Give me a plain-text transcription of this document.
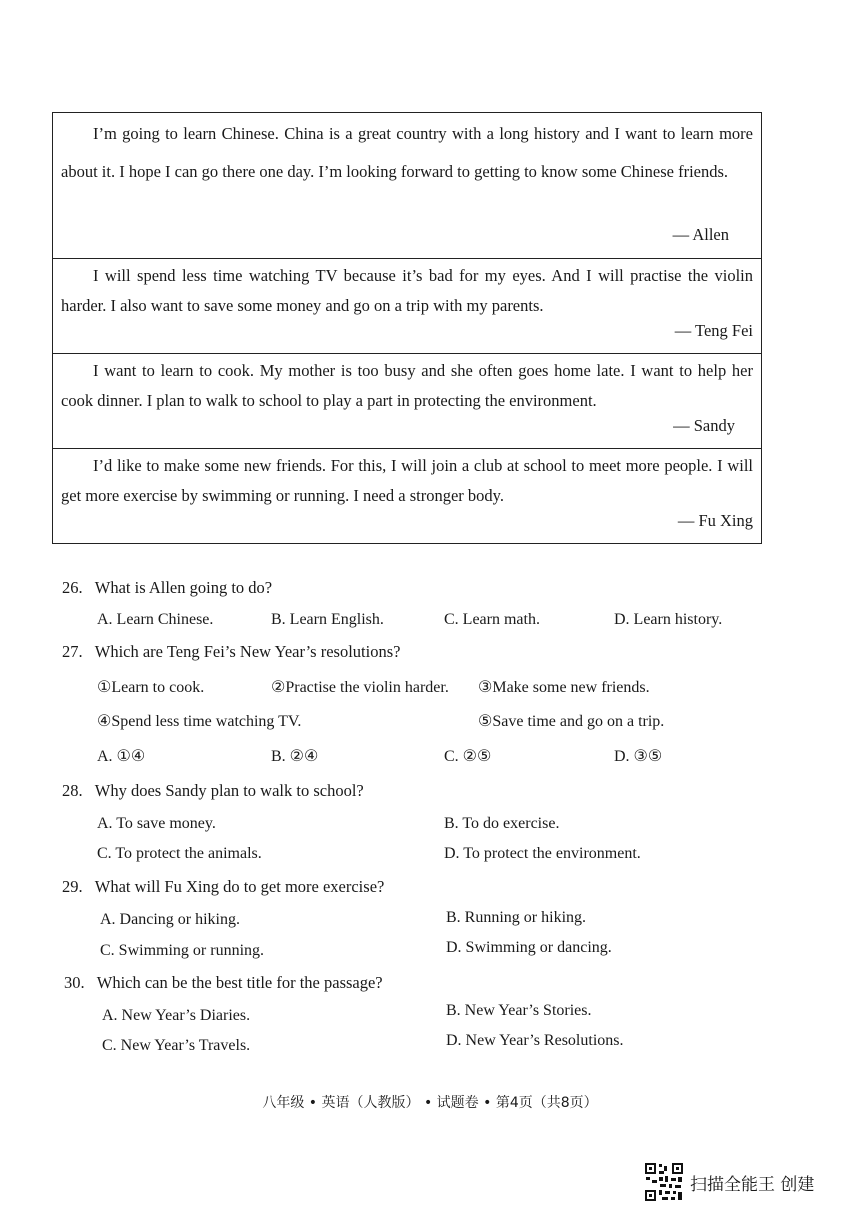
I’m going to learn Chinese. China is a great country with a long history and I want to learn more about it. I hope I can go there one day. I’m looking forward to getting to know some Chinese friends.
— Allen
I will spend less time watching TV because it’s bad for my eyes. And I will practise the violin harder. I also want to save some money and go on a trip with my parents.
— Teng Fei
I want to learn to cook. My mother is too busy and she often goes home late. I want to help her cook dinner. I plan to walk to school to play a part in protecting the environment.
— Sandy
I’d like to make some new friends. For this, I will join a club at school to meet more people. I will get more exercise by swimming or running. I need a stronger body.
— Fu Xing
26. What is Allen going to do?
A. Learn Chinese.	B. Learn English.	C. Learn math.	D. Learn history.
27. Which are Teng Fei’s New Year’s resolutions?
①Learn to cook.	②Practise the violin harder. ③Make some new friends.
④Spend less time watching TV.	⑤Save time and go on a trip.
A. ①④	B. ②④	C. ②⑤	D. ③⑤
28. Why does Sandy plan to walk to school?
A. To save money.	B. To do exercise.
C. To protect the animals.	D. To protect the environment.
29. What will Fu Xing do to get more exercise?
A. Dancing or hiking.	B. Running or hiking.
C. Swimming or running.	D. Swimming or dancing.
30. Which can be the best title for the passage?
A. New Year’s Diaries.	B. New Year’s Stories.
C. New Year’s Travels.	D. New Year’s Resolutions.
八年级 • 英语（人教版） • 试题卷 • 第4页（共8页）
扫描全能王 创建
